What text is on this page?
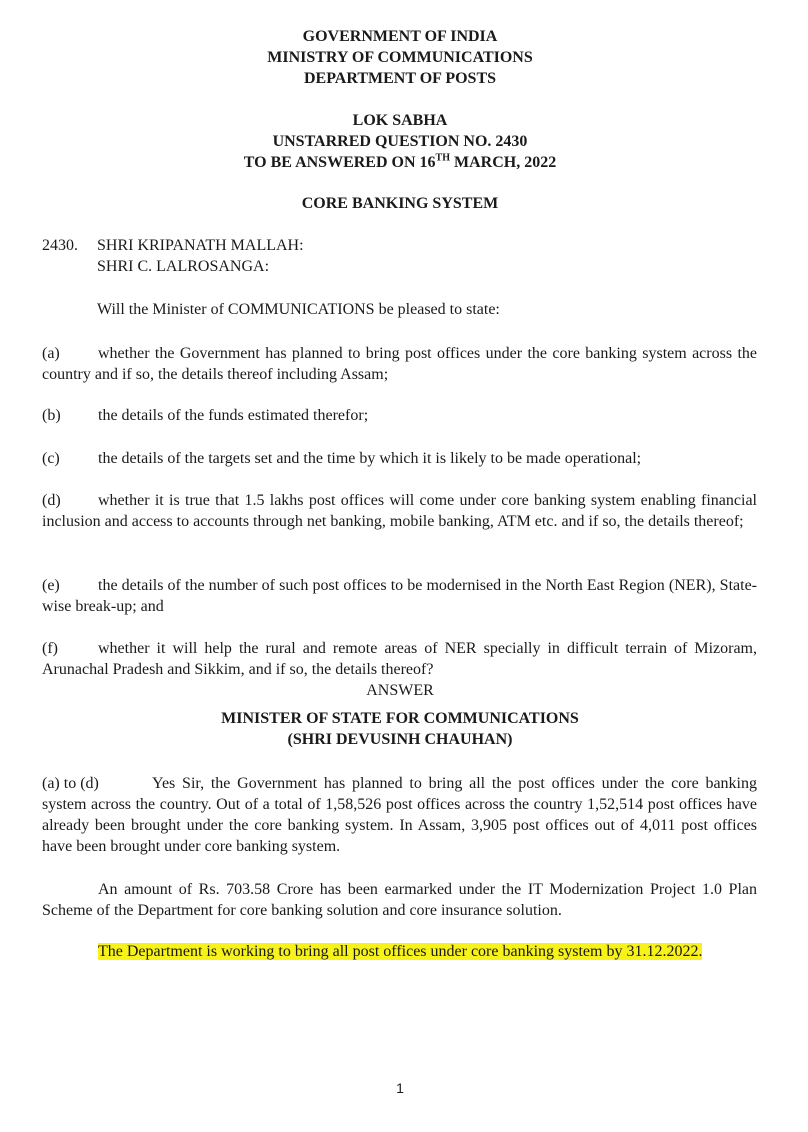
GOVERNMENT OF INDIA
MINISTRY OF COMMUNICATIONS
DEPARTMENT OF POSTS
LOK SABHA
UNSTARRED QUESTION NO. 2430
TO BE ANSWERED ON 16TH MARCH, 2022
CORE BANKING SYSTEM
2430. SHRI KRIPANATH MALLAH:
SHRI C. LALROSANGA:
Will the Minister of COMMUNICATIONS be pleased to state:
(a) whether the Government has planned to bring post offices under the core banking system across the country and if so, the details thereof including Assam;
(b) the details of the funds estimated therefor;
(c) the details of the targets set and the time by which it is likely to be made operational;
(d) whether it is true that 1.5 lakhs post offices will come under core banking system enabling financial inclusion and access to accounts through net banking, mobile banking, ATM etc. and if so, the details thereof;
(e) the details of the number of such post offices to be modernised in the North East Region (NER), State-wise break-up; and
(f)	whether it will help the rural and remote areas of NER specially in difficult terrain of Mizoram, Arunachal Pradesh and Sikkim, and if so, the details thereof?
ANSWER
MINISTER OF STATE FOR COMMUNICATIONS
(SHRI DEVUSINH CHAUHAN)
(a) to (d)	Yes Sir, the Government has planned to bring all the post offices under the core banking system across the country. Out of a total of 1,58,526 post offices across the country 1,52,514 post offices have already been brought under the core banking system. In Assam, 3,905 post offices out of 4,011 post offices have been brought under core banking system.
An amount of Rs. 703.58 Crore has been earmarked under the IT Modernization Project 1.0 Plan Scheme of the Department for core banking solution and core insurance solution.
The Department is working to bring all post offices under core banking system by 31.12.2022.
1
